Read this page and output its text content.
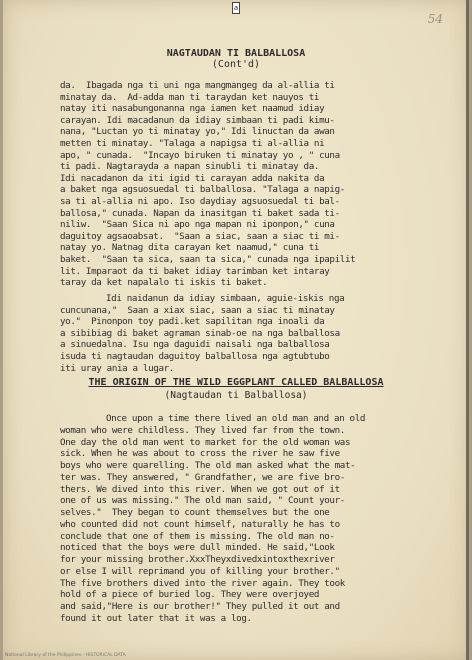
a
54
NAGTAUDAN TI BALBALLOSA
(Cont'd)
da.  Ibagada nga ti uni nga mangmangeg da al-allia ti
minatay da.  Ad-adda man ti taraydan ket nauyos ti
natay iti nasabungonanna nga iamen ket naamud idiay
carayan. Idi macadanun da idiay simbaan ti padi kimu-
nana, "Luctan yo ti minatay yo," Idi linuctan da awan
metten ti minatay. "Talaga a napigsa ti al-allia ni
apo, " cunada.  "Incayo biruken ti minatay yo , " cuna
ti padi. Nagtarayda a napan sinubli ti minatay da.
Idi nacadanon da iti igid ti carayan adda nakita da
a baket nga agsuosuedal ti balballosa. "Talaga a napig-
sa ti al-allia ni apo. Iso daydiay agsuosuedal ti bal-
ballosa," cunada. Napan da inasitgan ti baket sada ti-
niliw.  "Saan Sica ni apo nga mapan ni iponpon," cuna
daguitoy agsaoabsat.  "Saan a siac, saan a siac ti mi-
natay yo. Natnag dita carayan ket naamud," cuna ti
baket.  "Saan ta sica, saan ta sica," cunada nga ipapilit
lit. Imparaot da ti baket idiay tarimban ket intaray
taray da ket napalalo ti iskis ti baket.
Idi naidanun da idiay simbaan, aguie-iskis nga
cuncunana,"  Saan a xiax siac, saan a siac ti minatay
yo."  Pinonpon toy padi.ket sapilitan nga inoali da
a sibibiag di baket agraman sinab-oe na nga balballosa
a sinuedalna. Isu nga daguidi naisali nga balballosa
isuda ti nagtaudan daguitoy balballosa nga agtubtubo
iti uray ania a lugar.
THE ORIGIN OF THE WILD EGGPLANT CALLED BALBALLOSA
(Nagtaudan ti Balballosa)
Once upon a time there lived an old man and an old
woman who were childless. They lived far from the town.
One day the old man went to market for the old woman was
sick. When he was about to cross the river he saw five
boys who were quarelling. The old man asked what the mat-
ter was. They answered, " Grandfather, we are five bro-
thers. We dived into this river. When we got out of it
one of us was missing." The old man said, " Count your-
selves."  They began to count themselves but the one
who counted did not count himself, naturally he has to
conclude that one of them is missing. The old man no-
noticed that the boys were dull minded. He said,"Look
for your missing brother.XxxTheyxdivedxintoxthexriver
or else I will reprimand you of killing your brother."
The five brothers dived into the river again. They took
hold of a piece of buried log. They were overjoyed
and said,"Here is our brother!" They pulled it out and
found it out later that it was a log.
National Library of the Philippines - HISTORICAL DATA
